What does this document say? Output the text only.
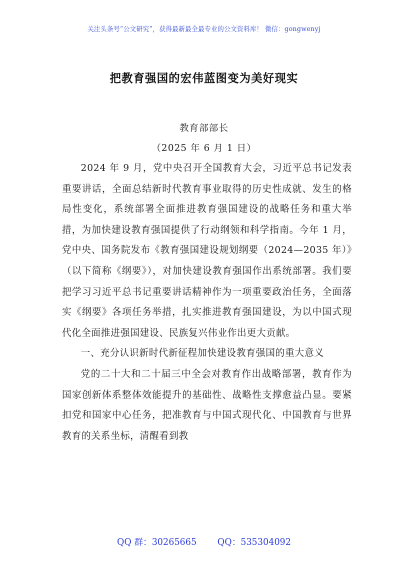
关注头条号“公文研究”，获得最新最全最专业的公文资料库！ 微信：gongwenyj
把教育强国的宏伟蓝图变为美好现实
教育部部长
（2025 年 6 月 1 日）

2024 年 9 月，党中央召开全国教育大会，习近平总书记发表重要讲话，全面总结新时代教育事业取得的历史性成就、发生的格局性变化，系统部署全面推进教育强国建设的战略任务和重大举措，为加快建设教育强国提供了行动纲领和科学指南。今年 1 月，党中央、国务院发布《教育强国建设规划纲要（2024—2035 年）》（以下简称《纲要》），对加快建设教育强国作出系统部署。我们要把学习习近平总书记重要讲话精神作为一项重要政治任务，全面落实《纲要》各项任务举措，扎实推进教育强国建设，为以中国式现代化全面推进强国建设、民族复兴伟业作出更大贡献。

一、充分认识新时代新征程加快建设教育强国的重大意义

党的二十大和二十届三中全会对教育作出战略部署，教育作为国家创新体系整体效能提升的基础性、战略性支撑愈益凸显。要紧扣党和国家中心任务，把准教育与中国式现代化、中国教育与世界教育的关系坐标，清醒看到教

QQ 群：30265665 QQ：535304092
